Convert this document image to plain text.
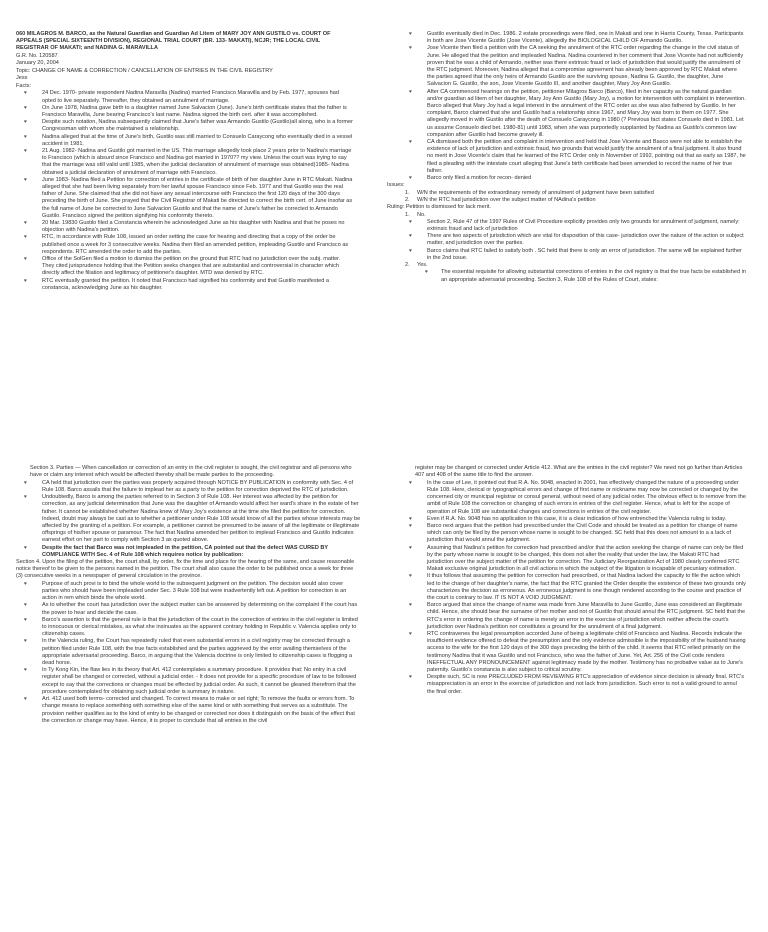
060 MILAGROS M. BARCO, as the Natural Guardian and Guardian Ad Litem of MARY JOY ANN GUSTILO vs. COURT OF APPEALS (SPECIAL SIXTEENTH DIVISION), REGIONAL TRIAL COURT (BR. 133- MAKATI), NCJR; THE LOCAL CIVIL REGISTRAR OF MAKATI; and NADINA G. MARAVILLA

G.R. No. 120587

January 20, 2004

Topic: CHANGE OF NAME & CORRECTION / CANCELLATION OF ENTRIES IN THE CIVIL REGISTRY

Jess

Facts:

♥	24 Dec. 1970- private respondent Nadina Maravilla (Nadina) married Francisco Maravilla and by Feb. 1977, spouses had opted to live separately. Thereafter, they obtained an annulment of marriage.
♥	On June 1978, Nadina gave birth to a daughter named June Salvacion (June). June's birth certificate states that the father is Francisco Maravilla, June bearing Francisco's last name. Nadina signed the birth cert. after it was accomplished.
♥	Despite such notation, Nadina subsequently claimed that June's father was Armando Gustilo (Gustilo)all along, who is a former Congressman with whom she maintained a relationship.
♥	Nadina alleged that at the time of June's birth, Gustilo was still married to Consuelo Caraycong who eventually died in a vessel accident in 1981.
♥	21 Aug. 1982- Nadina and Gustilo got married in the US. This marriage allegedly took place 2 years prior to Nadina's marriage to Francisco (which is absurd since Francisco and Nadina got married in 1970?? my view. Unless the court was trying to say that the marriage was still valid until 1985, when the judicial declaration of annulment of marriage was obtained)1985- Nadina obtained a judicial declaration of annulment of marriage with Francisco.
♥	June 1983- Nadina filed a Petition for correction of entries in the certificate of birth of her daughter June in RTC Makati. Nadina alleged that she had been living separately from her lawful spouse Francisco since Feb. 1977 and that Gustilo was the real father of June. She claimed that she did not have any sexual intercourse with Francisco the first 120 days of the 300 days preceding the birth of June. She prayed that the Civil Registrar of Makati be directed to correct the birth cert. of June insofar as the full name of June be corrected to June Salvacion Gustilo and that the name of June's father be corrected to Armando Gustilo. Francisco signed the petition signifying his conformity thereto.
♥	20 Mar. 19830 Gustilo filed a Constancia wherein he acknowledged June as his daughter with Nadina and that he poses no objection with Nadina's petition.
♥	RTC, in accordance with Rule 108, issued an order setting the case for hearing and directing that a copy of the order be published once a week for 3 consecutive weeks. Nadina then filed an amended petition, impleading Gustilo and Francisco as respondents. RTC amended the order to add the parties.
♥	Office of the SolGen filed a motion to dismiss the petition on the ground that RTC had no jurisdiction over the subj. matter. They cited jurisprudence holding that the Petition seeks changes that are substantial and controversial in character which directly affect the filiation and legitimacy of petitioner's daughter. MTD was denied by RTC.
♥	RTC eventually granted the petition. It noted that Francisco had signified his conformity and that Gustilo manifested a constancia, acknowledging June as his daughter.
♥	Gustilo eventually died in Dec. 1986. 2 estate proceedings were filed, one in Makati and one in Harris County, Texas. Participants in both are Jose Vicente Gustilo (Jose Vicente), allegedly the BIOLOGICAL CHILD OF Armando Gustilo.
♥	Jose Vicente then filed a petition with the CA seeking the annulment of the RTC order regarding the change in the civil status of June. He alleged that the petition and impleaded Nadina. Nadina countered in her comment that Jose Vicente had not sufficiently proven that he was a child of Armando, neither was there extrinsic fraud or lack of jurisdiction that would justify the annulment of the RTC judgment. Moreover, Nadina alleged that a compromise agreement has already been approved by RTC Makati where the parties agreed that the only heirs of Armando Gustilo are the surviving spouse, Nadina G. Gustilo, the daughter, June Salvacion G. Gustilo, the son, Jose Vicente Gustilo III, and another daughter, Mary Joy Ann Gustilo.
♥	After CA commenced hearings on the petition, petitioner Milagros Barco (Barco), filed in her capacity as the natural guardian and/or guardian ad litem of her daughter, Mary Joy Ann Gustilo (Mary Joy), a motion for intervention with complaint in intervention. Barco alleged that Mary Joy had a legal interest in the annulment of the RTC order as she was also fathered by Gustilo. In her complaint, Barco claimed that she and Gustilo had a relationship since 1967, and Mary Joy was born to them on 1977. She allegedly moved in with Gustilo after the death of Consuelo Caraycong in 1980 (? Previous fact states Consuelo died in 1981. Let us assume Consuelo died bet. 1980-81) until 1983, when she was purportedly supplanted by Nadina as Gustilo's common law companion after Gustilo had become gravely ill.
♥	CA dismissed both the petition and complaint in intervention and held that Jose Vicente and Basco were not able to establish the existence of lack of jurisdiction and extrinsic fraud, two grounds that would justify the annulment of a final judgment. It also found no merit in Jose Vicente's claim that he learned of the RTC Order only in November of 1992, pointing out that as early as 1987, he filed a pleading with the intestate court alleging that June's birth certificate had been amended to record the name of her true father.
♥	Barco only filed a motion for recon- denied

Issues:

1. W/N the requirements of the extraordinary remedy of annulment of judgment have been satisfied
2. W/N the RTC had jurisdiction over the subject matter of NAdina's petition

Ruling: Petition is dismissed for lack merit.

1. No.
♥	Section 2, Rule 47 of the 1997 Rules of Civil Procedure explicitly provides only two grounds for annulment of judgment, namely: extrinsic fraud and lack of jurisdiction
♥	There are two aspects of jurisdiction which are vital for disposition of this case- jurisdiction over the nature of the action or subject matter, and jurisdiction over the parties.
♥	Barco claims that RTC failed to satisfy both . SC held that there is only an error of jurisdiction. The same will be explained further in the 2nd issue.
2. Yes.
♥ The essential requisite for allowing substantial corrections of entries in the civil registry is that the true facts be established in an appropriate adversarial proceeding. Section 3, Rule 108 of the Rules of Court, states:

Section 3. Parties — When cancellation or correction of an entry in the civil register is sought, the civil registrar and all persons who have or claim any interest which would be affected thereby shall be made parties to the proceeding.

♥	CA held that jurisdiction over the parties was properly acquired through NOTICE BY PUBLICATION in conformity with Sec. 4 of Rule 108. Barco assails that the failure to implead her as a party to the petition for correction deprived the RTC of jurisdiction.
♥	Undoubtedly, Barco is among the parties referred to in Section 3 of Rule 108. Her interest was affected by the petition for correction, as any judicial determination that June was the daughter of Armando would affect her ward's share in the estate of her father. It cannot be established whether Nadina knew of Mary Joy's existence at the time she filed the petition for correction. Indeed, doubt may always be cast as to whether a petitioner under Rule 108 would know of all the parties whose interests may be affected by the granting of a petition. For example, a petitioner cannot be presumed to be aware of all the legitimate or illegitimate offsprings of his/her spouse or paramour. The fact that Nadina amended her petition to implead Francisco and Gustilo indicates earnest effort on her part to comply with Section 3 as quoted above.
♥	Despite the fact that Barco was not impleaded in the petition, CA pointed out that the defect WAS CURED BY COMPLIANCE WITH Sec. 4 of Rule 108 which requires notice by publication:

Section 4. Upon the filing of the petition, the court shall, by order, fix the time and place for the hearing of the same, and cause reasonable notice thereof to be given to the persons named in the petition. The court shall also cause the order to be published once a week for three (3) consecutive weeks in a newspaper of general circulation in the province.

♥	Purpose of such provi is to bind the whole world to the subsequent judgment on the petition. The decision would also cover parties who should have been impleaded under Sec. 3 Rule 108 but were inadvertently left out. A petition for correction is an action in rem which binds the whole world.
♥	As to whether the court has jurisdiction over the subject matter can be answered by determining on the complaint if the court has the power to hear and decide the case.
♥	Barco's assertion is that the general rule is that the jurisdiction of the court in the correction of entries in the civil register is limited to innocuous or clerical mistakes, as what she insinuates as the apparent contrary holding in Republic v. Valencia applies only to citizenship cases.
♥	In the Valencia ruling, the Court has repeatedly ruled that even substantial errors in a civil registry may be corrected through a petition filed under Rule 108, with the true facts established and the parties aggrieved by the error availing themselves of the appropriate adversarial proceeding. Barco, in arguing that the Valencia doctrine is only limited to citizenship cases is flogging a dead horse.
♥	In Ty Kong Kin, the flaw lies in its theory that Art. 412 contemplates a summary procedure. It provides that: No entry in a civil register shall be changed or corrected, without a judicial order. - It does not provide for a specific procedure of law to be followed except to say that the corrections or changes must be effected by judicial order. As such, it cannot be gleaned therefrom that the procedure contemplated for obtaining such judicial order is summary in nature.
♥	Art. 412 used both terms- corrected and changed. To correct means to make or set right; To remove the faults or errors from. To change means to replace something with something else of the same kind or with something that serves as a substitute. The provision neither qualifies as to the kind of entry to be changed or corrected nor does it distinguish on the basis of the effect that the correction or change may have. Hence, it is proper to conclude that all entries in the civil

register may be changed or corrected under Article 412. What are the entries in the civil register? We need not go further than Articles 407 and 408 of the same title to find the answer.

♥	In the case of Lee, it pointed out that R.A. No. 9048, enacted in 2001, has effectively changed the nature of a proceeding under Rule 108. Here, clerical or typographical errors and change of first name or nickname may now be corrected or changed by the concerned city or municipal registrar or consul general, without need of any judicial order. The obvious effect is to remove from the ambit of Rule 108 the correction or changing of such errors in entries of the civil register. Hence, what is left for the scope of operation of Rule 108 are substantial changes and corrections in entries of the civil register.
♥	Even if R.A. No. 9048 has no application in this case, it is a clear indication of how entrenched the Valencia ruling is today.
♥	Barco next argues that the petition had prescribed under the Civil Code and should be treated as a petition for change of name which can only be filed by the person whose name is sought to be changed. SC held that this does not amount to a a lack of jurisdiction that would annul the judgment.
♥	Assuming that Nadina's petition for correction had prescribed and/or that the action seeking the change of name can only be filed by the party whose name is sought to be changed, this does not alter the reality that under the law, the Makati RTC had jurisdiction over the subject matter of the petition for correction. The Judiciary Reorganization Act of 1980 clearly conferred RTC Makati exclusive original jurisdiction in all civil actions in which the subject of the litigation is incapable of pecuniary estimation.
♥	It thus follows that assuming the petition for correction had prescribed, or that Nadina lacked the capacity to file the action which led to the change of her daughter's name, the fact that the RTC granted the Order despite the existence of these two grounds only characterizes the decision as erroneous. An erroneous judgment is one though rendered according to the course and practice of the court is contrary to law. IT IS NOT A VOID JUDGMENT.
♥	Barco argued that since the change of name was made from June Maravilla to June Gustilo, June was considered an illegitimate child. Hence, she should bear the surname of her mother and not of Gustilo that should annul the RTC judgment. SC held that the RTC's error in ordering the change of name is merely an error in the exercise of jurisdiction which neither affects the court's jurisdiction over Nadina's petition nor constitutes a ground for the annulment of a final judgment.
♥	RTC contravenes the legal presumption accorded June of being a legitimate child of Francisco and Nadina. Records indicate the insufficient evidence offered to defeat the presumption and the only evidence admissible is the impossibility of the husband having access to the wife for the first 120 days of the 300 days preceding the birth of the child. It seems that RTC relied primarily on the testimony Nadina that it was Gustilo and not Francisco, who was the father of June. Yet, Art. 256 of the Civil code renders INEFFECTUAL ANY PRONOUNCEMENT against legitimacy made by the mother. Testimony has no probative value as to June's paternity. Gustilo's constancia is also subject to critical scrutiny.
♥	Despite such, SC is now PRECLUDED FROM REVIEWING RTC's appreciation of evidence since decision is already final. RTC's misappreciation is an error in the exercise of jurisdiction and not lack from jurisdiction. Such error is not a valid ground to annul the final order.
